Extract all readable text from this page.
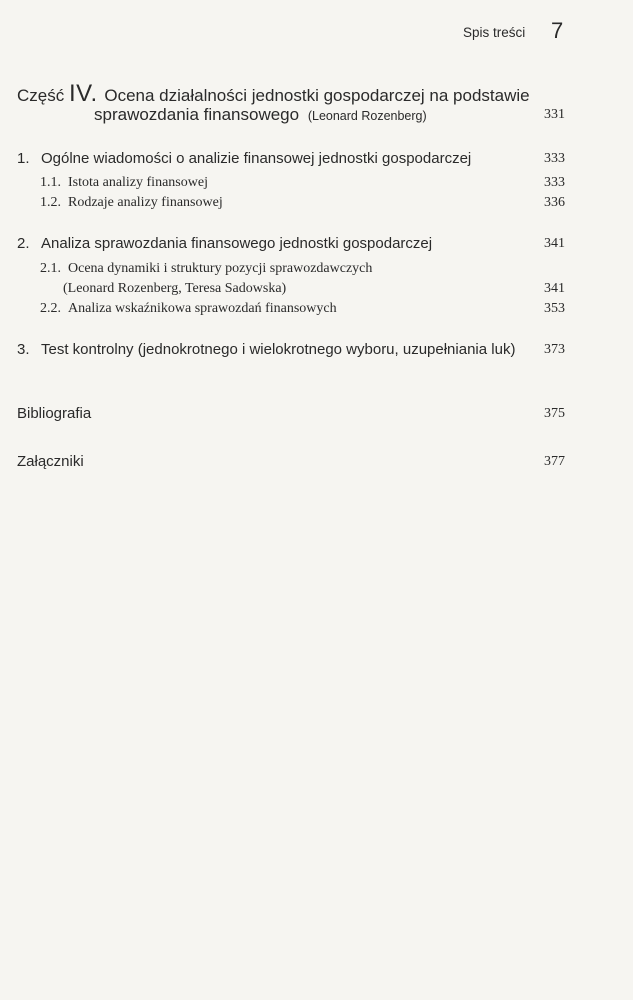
Spis treści 7
Część IV. Ocena działalności jednostki gospodarczej na podstawie
sprawozdania finansowego (Leonard Rozenberg)	331
1. Ogólne wiadomości o analizie finansowej jednostki gospodarczej	333
1.1. Istota analizy finansowej	333
1.2. Rodzaje analizy finansowej	336
2. Analiza sprawozdania finansowego jednostki gospodarczej	341
2.1. Ocena dynamiki i struktury pozycji sprawozdawczych
(Leonard Rozenberg, Teresa Sadowska)	341
2.2. Analiza wskaźnikowa sprawozdań finansowych	353
3. Test kontrolny (jednokrotnego i wielokrotnego wyboru, uzupełniania luk) 373
Bibliografia	375
Załączniki	377
